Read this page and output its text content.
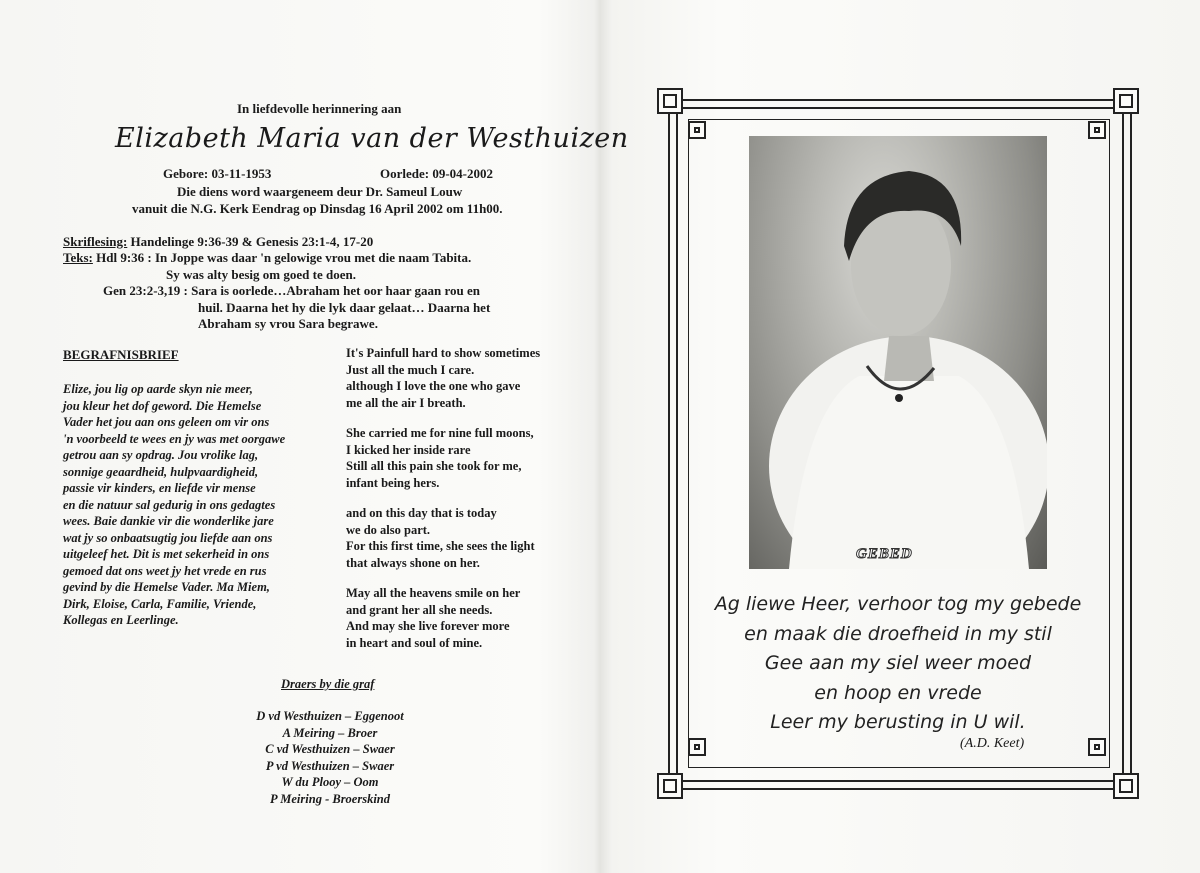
In liefdevolle herinnering aan
Elizabeth Maria van der Westhuizen
Gebore: 03-11-1953	Oorlede: 09-04-2002
Die diens word waargeneem deur Dr. Sameul Louw
vanuit die N.G. Kerk Eendrag op Dinsdag 16 April 2002 om 11h00.
Skriflesing: Handelinge 9:36-39 & Genesis 23:1-4, 17-20
Teks: Hdl 9:36 : In Joppe was daar 'n gelowige vrou met die naam Tabita.
Sy was alty besig om goed te doen.
Gen 23:2-3,19 : Sara is oorlede…Abraham het oor haar gaan rou en
huil. Daarna het hy die lyk daar gelaat… Daarna het
Abraham sy vrou Sara begrawe.
BEGRAFNISBRIEF
Elize, jou lig op aarde skyn nie meer,
jou kleur het dof geword. Die Hemelse
Vader het jou aan ons geleen om vir ons
'n voorbeeld te wees en jy was met oorgawe
getrou aan sy opdrag. Jou vrolike lag,
sonnige geaardheid, hulpvaardigheid,
passie vir kinders, en liefde vir mense
en die natuur sal gedurig in ons gedagtes
wees. Baie dankie vir die wonderlike jare
wat jy so onbaatsugtig jou liefde aan ons
uitgeleef het. Dit is met sekerheid in ons
gemoed dat ons weet jy het vrede en rus
gevind by die Hemelse Vader. Ma Miem,
Dirk, Eloise, Carla, Familie, Vriende,
Kollegas en Leerlinge.
It's Painfull hard to show sometimes
Just all the much I care.
although I love the one who gave
me all the air I breath.
She carried me for nine full moons,
I kicked her inside rare
Still all this pain she took for me,
infant being hers.
and on this day that is today
we do also part.
For this first time, she sees the light
that always shone on her.
May all the heavens smile on her
and grant her all she needs.
And may she live forever more
in heart and soul of mine.
Draers by die graf
D vd Westhuizen – Eggenoot
A Meiring – Broer
C vd Westhuizen – Swaer
P vd Westhuizen – Swaer
W du Plooy – Oom
P Meiring - Broerskind
GEBED
Ag liewe Heer, verhoor tog my gebede
en maak die droefheid in my stil
Gee aan my siel weer moed
en hoop en vrede
Leer my berusting in U wil.
(A.D. Keet)
